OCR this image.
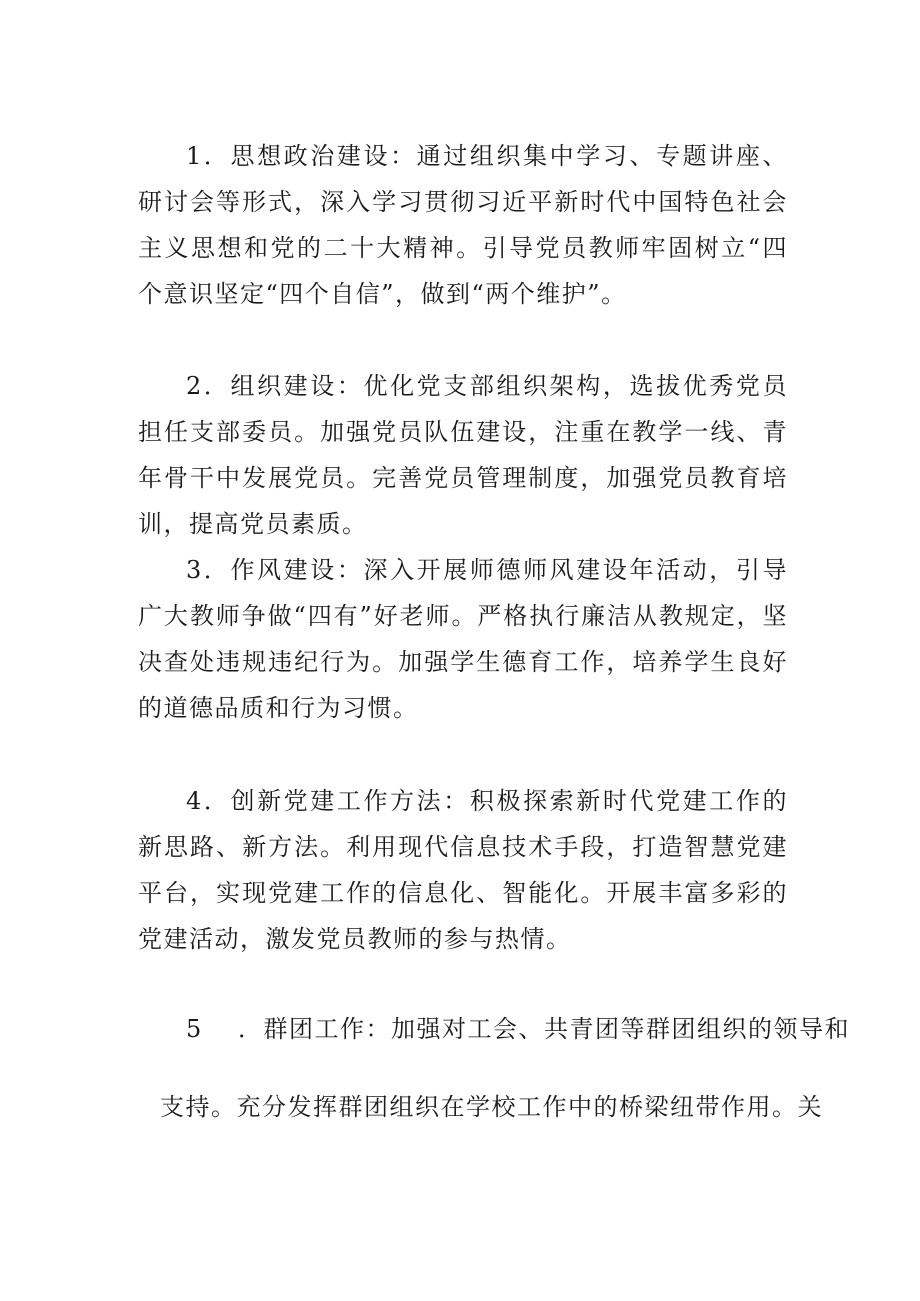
1．思想政治建设：通过组织集中学习、专题讲座、研讨会等形式，深入学习贯彻习近平新时代中国特色社会主义思想和党的二十大精神。引导党员教师牢固树立“四个意识坚定“四个自信”，做到“两个维护”。

2．组织建设：优化党支部组织架构，选拔优秀党员担任支部委员。加强党员队伍建设，注重在教学一线、青年骨干中发展党员。完善党员管理制度，加强党员教育培训，提高党员素质。

3．作风建设：深入开展师德师风建设年活动，引导广大教师争做“四有”好老师。严格执行廉洁从教规定，坚决查处违规违纪行为。加强学生德育工作，培养学生良好的道德品质和行为习惯。

4．创新党建工作方法：积极探索新时代党建工作的新思路、新方法。利用现代信息技术手段，打造智慧党建平台，实现党建工作的信息化、智能化。开展丰富多彩的党建活动，激发党员教师的参与热情。

5 ．群团工作：加强对工会、共青团等群团组织的领导和
支持。充分发挥群团组织在学校工作中的桥梁纽带作用。关
